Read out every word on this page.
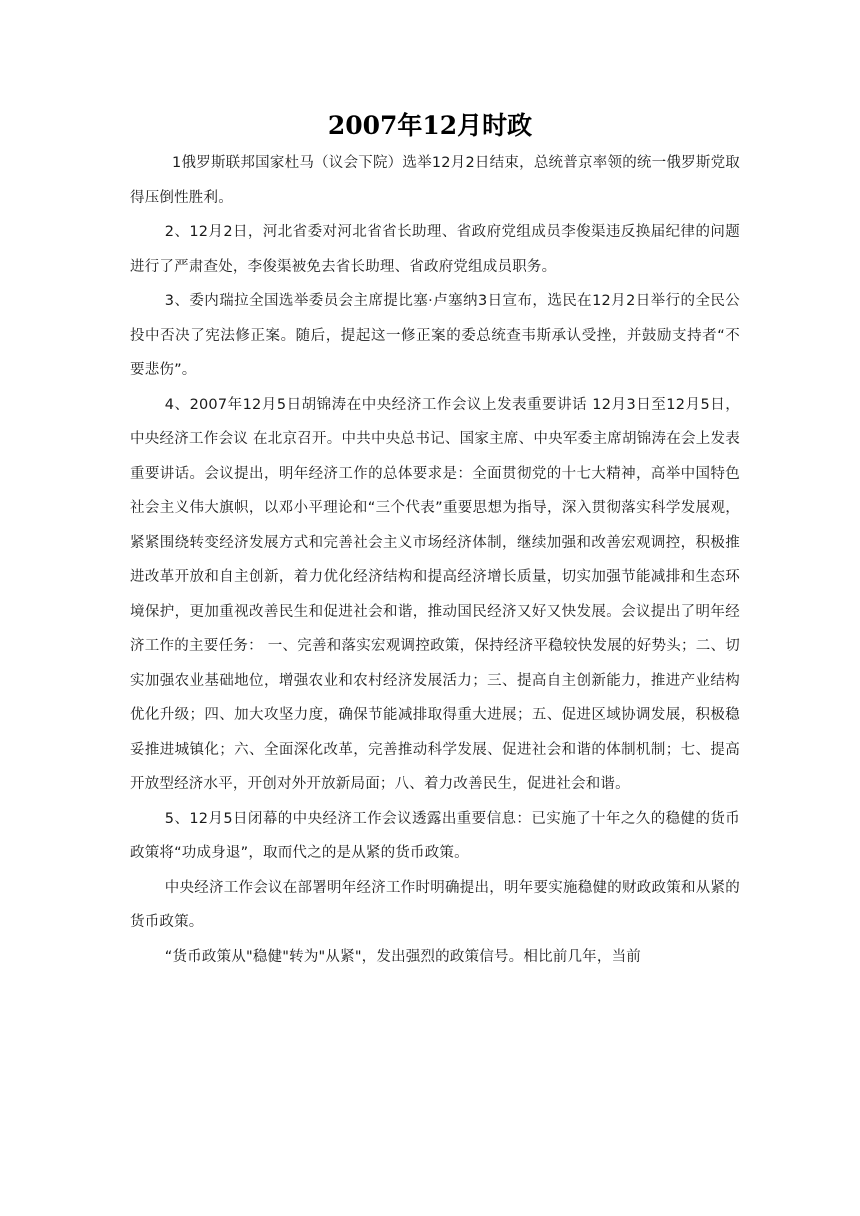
2007年12月时政

1俄罗斯联邦国家杜马（议会下院）选举12月2日结束，总统普京率领的统一俄罗斯党取得压倒性胜利。

2、12月2日，河北省委对河北省省长助理、省政府党组成员李俊渠违反换届纪律的问题进行了严肃查处，李俊渠被免去省长助理、省政府党组成员职务。

3、委内瑞拉全国选举委员会主席提比塞·卢塞纳3日宣布，选民在12月2日举行的全民公投中否决了宪法修正案。随后，提起这一修正案的委总统查韦斯承认受挫，并鼓励支持者“不要悲伤”。

4、2007年12月5日胡锦涛在中央经济工作会议上发表重要讲话 12月3日至12月5日，中央经济工作会议 在北京召开。中共中央总书记、国家主席、中央军委主席胡锦涛在会上发表重要讲话。会议提出，明年经济工作的总体要求是：全面贯彻党的十七大精神，高举中国特色社会主义伟大旗帜，以邓小平理论和“三个代表”重要思想为指导，深入贯彻落实科学发展观，紧紧围绕转变经济发展方式和完善社会主义市场经济体制，继续加强和改善宏观调控，积极推进改革开放和自主创新，着力优化经济结构和提高经济增长质量，切实加强节能减排和生态环境保护，更加重视改善民生和促进社会和谐，推动国民经济又好又快发展。会议提出了明年经济工作的主要任务： 一、完善和落实宏观调控政策，保持经济平稳较快发展的好势头；二、切实加强农业基础地位，增强农业和农村经济发展活力；三、提高自主创新能力，推进产业结构优化升级；四、加大攻坚力度，确保节能减排取得重大进展；五、促进区域协调发展，积极稳妥推进城镇化；六、全面深化改革，完善推动科学发展、促进社会和谐的体制机制；七、提高开放型经济水平，开创对外开放新局面；八、着力改善民生，促进社会和谐。

5、12月5日闭幕的中央经济工作会议透露出重要信息：已实施了十年之久的稳健的货币政策将“功成身退”，取而代之的是从紧的货币政策。

中央经济工作会议在部署明年经济工作时明确提出，明年要实施稳健的财政政策和从紧的货币政策。

“货币政策从"稳健"转为"从紧"，发出强烈的政策信号。相比前几年，当前
